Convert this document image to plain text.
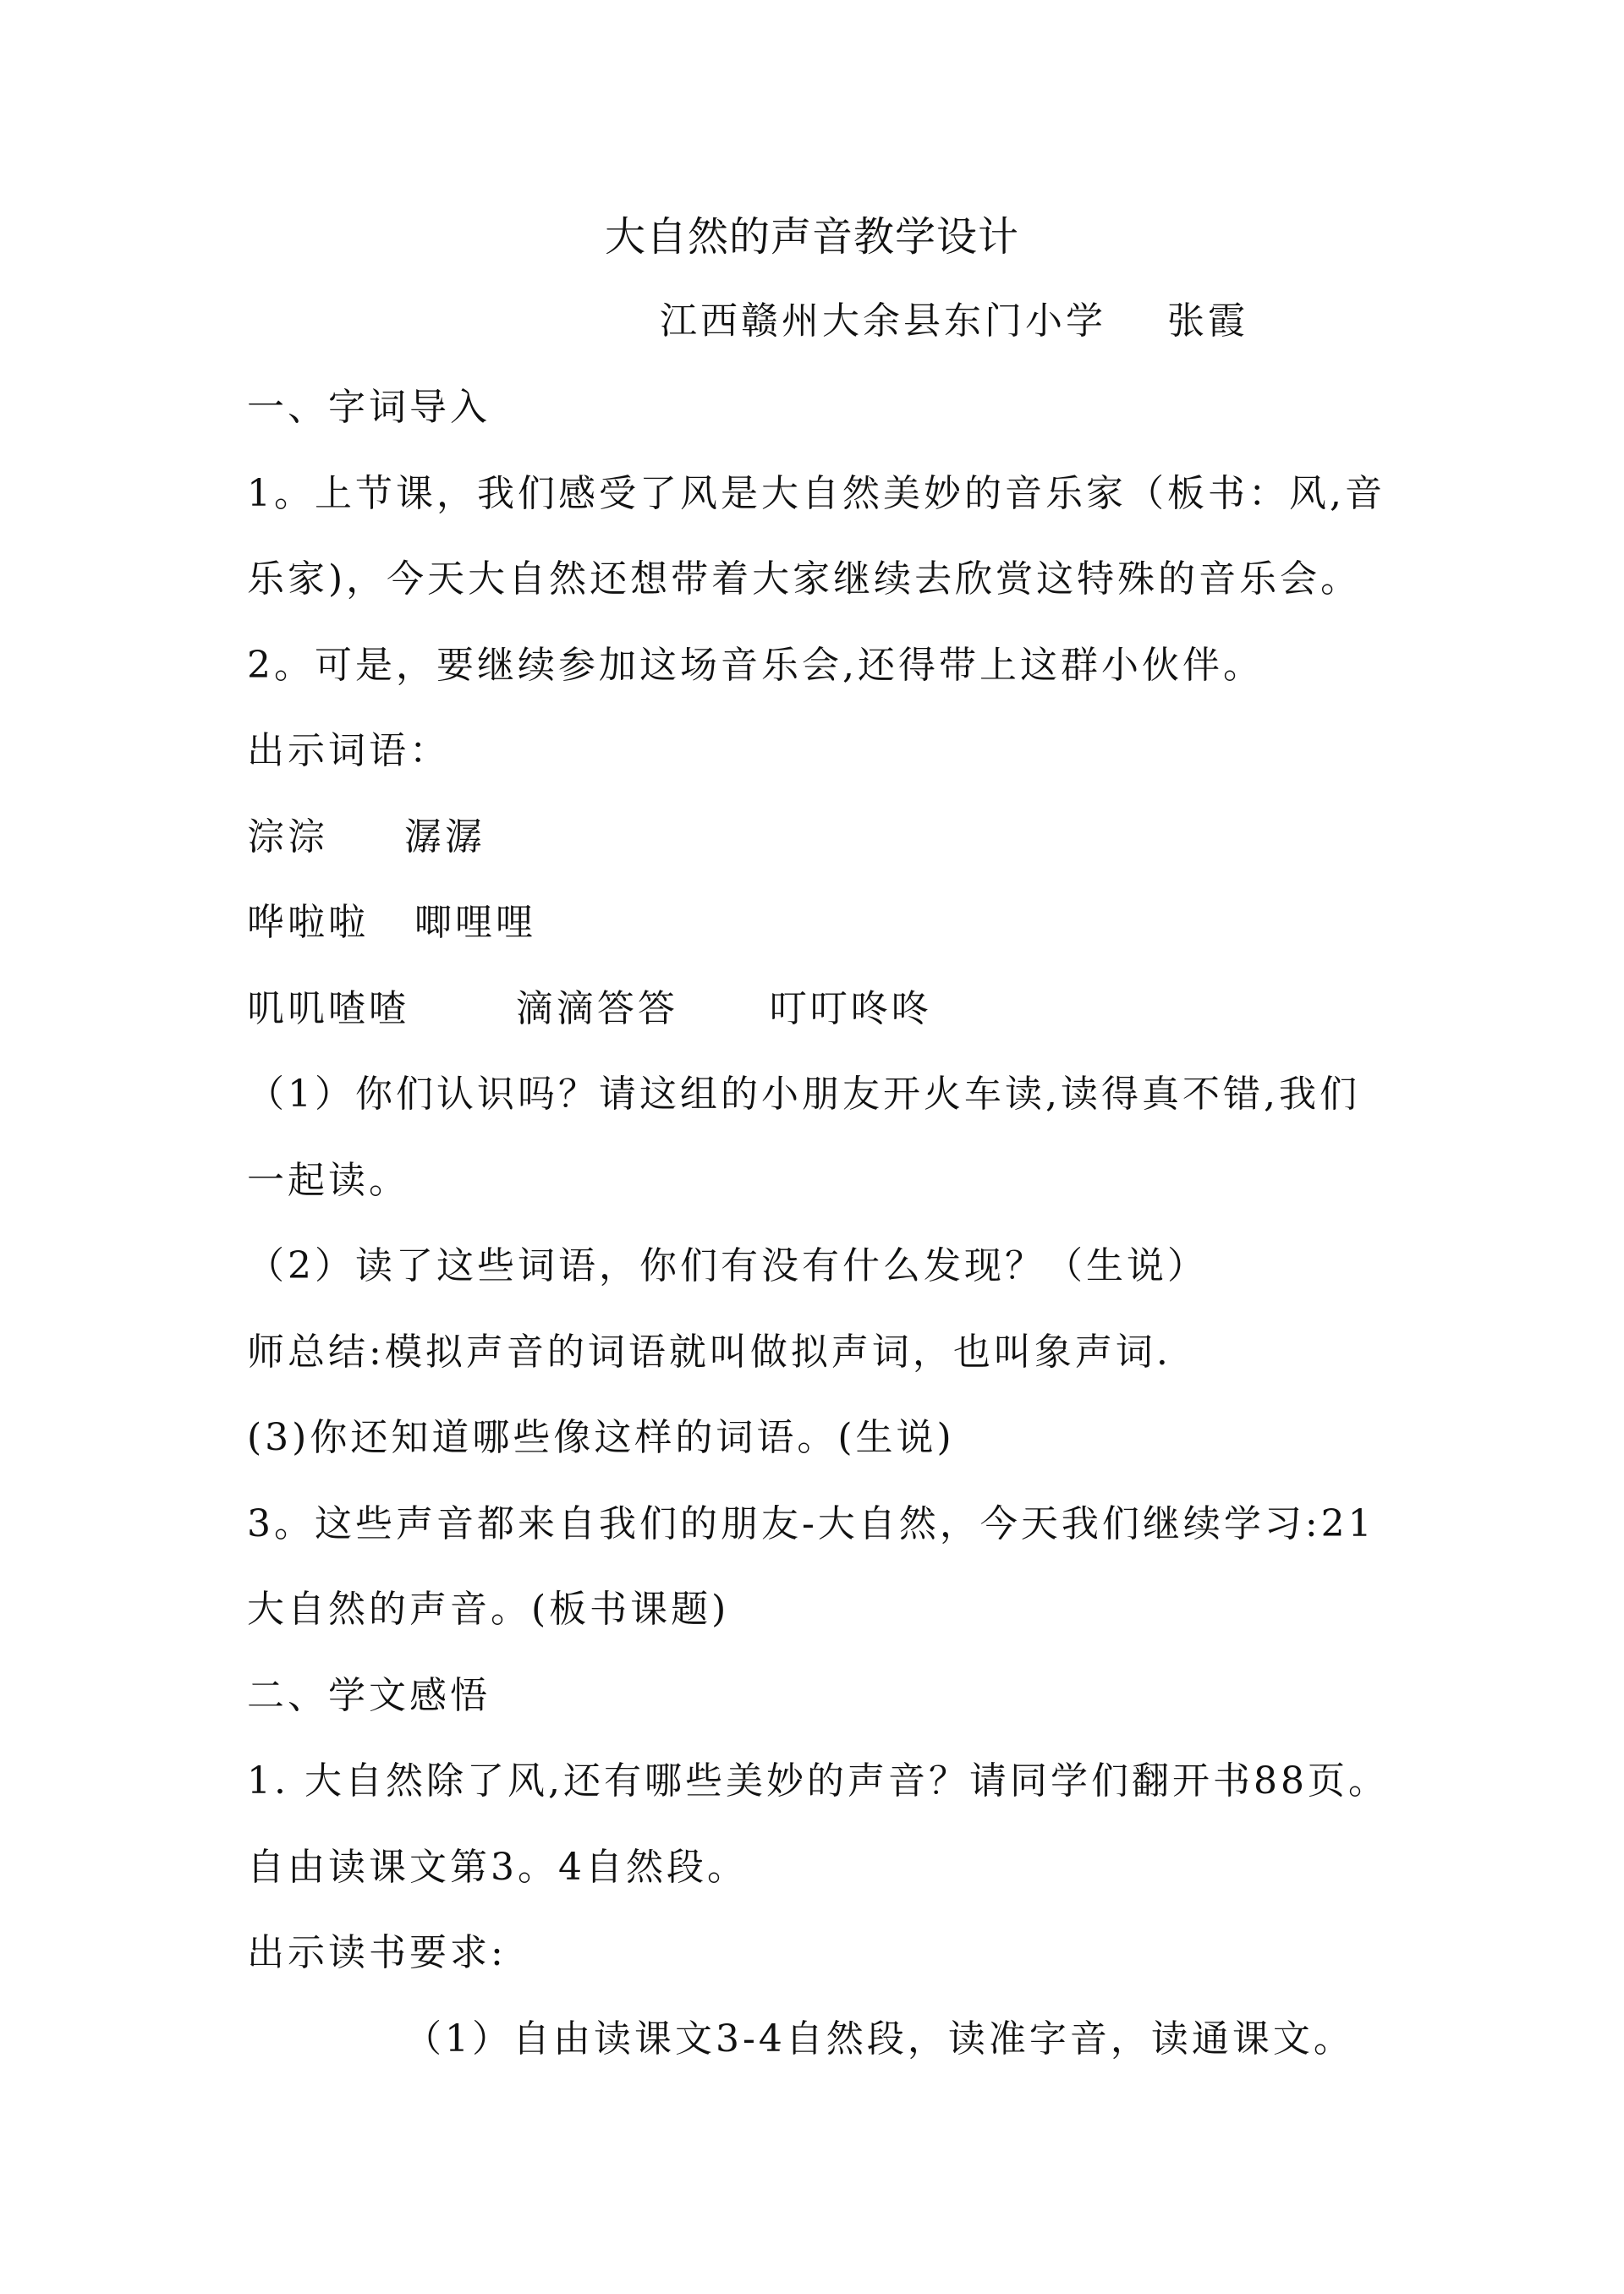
大自然的声音教学设计
江西赣州大余县东门小学    张霞
一、字词导入
1。上节课，我们感受了风是大自然美妙的音乐家（板书：风,音
乐家)，今天大自然还想带着大家继续去欣赏这特殊的音乐会。
2。可是，要继续参加这场音乐会,还得带上这群小伙伴。
出示词语：
淙淙     潺潺
哗啦啦   唧哩哩
叽叽喳喳       滴滴答答      叮叮咚咚
（1）你们认识吗？请这组的小朋友开火车读,读得真不错,我们
一起读。
（2）读了这些词语，你们有没有什么发现？（生说）
师总结:模拟声音的词语就叫做拟声词，也叫象声词.
(3)你还知道哪些像这样的词语。(生说)
3。这些声音都来自我们的朋友-大自然，今天我们继续学习:21
大自然的声音。(板书课题)
二、学文感悟
1. 大自然除了风,还有哪些美妙的声音？请同学们翻开书88页。
自由读课文第3。4自然段。
出示读书要求:
（1）自由读课文3-4自然段，读准字音，读通课文。
